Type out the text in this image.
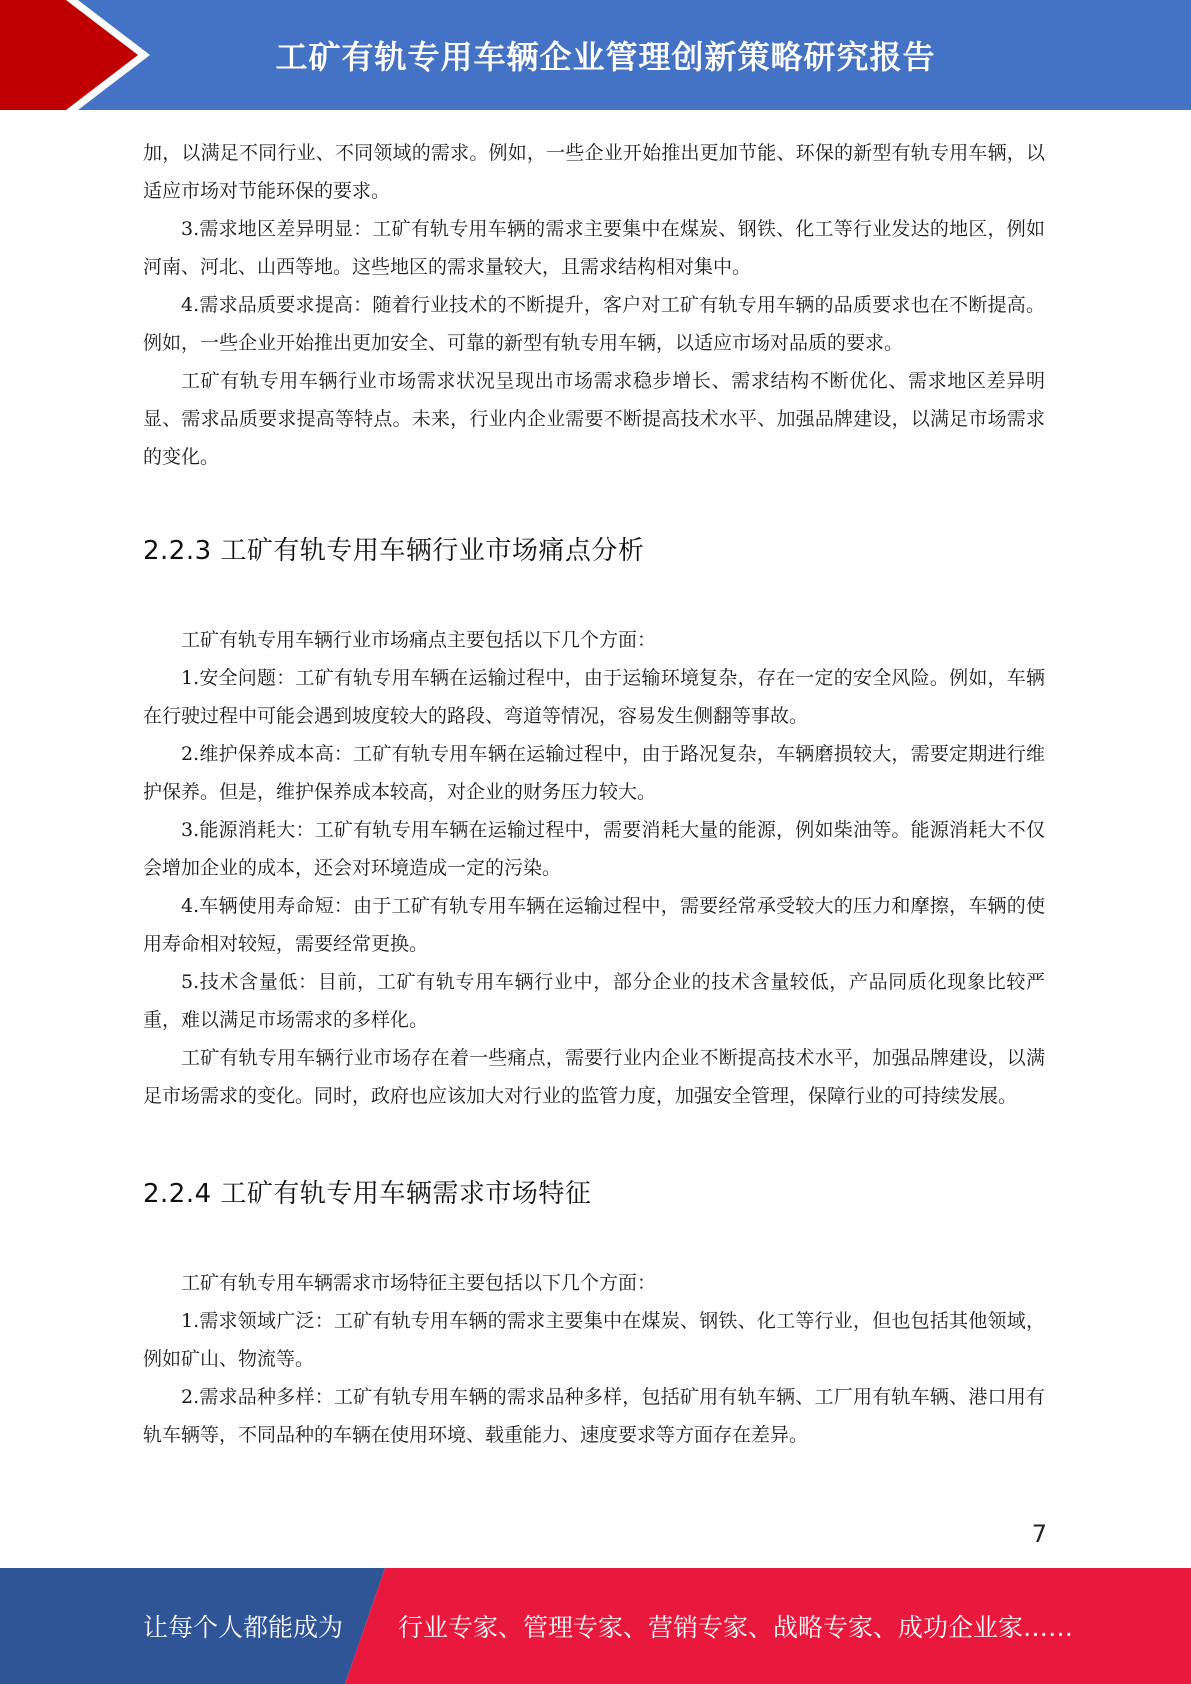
工矿有轨专用车辆企业管理创新策略研究报告

加，以满足不同行业、不同领域的需求。例如，一些企业开始推出更加节能、环保的新型有轨专用车辆，以适应市场对节能环保的要求。

3.需求地区差异明显：工矿有轨专用车辆的需求主要集中在煤炭、钢铁、化工等行业发达的地区，例如河南、河北、山西等地。这些地区的需求量较大，且需求结构相对集中。

4.需求品质要求提高：随着行业技术的不断提升，客户对工矿有轨专用车辆的品质要求也在不断提高。例如，一些企业开始推出更加安全、可靠的新型有轨专用车辆，以适应市场对品质的要求。

工矿有轨专用车辆行业市场需求状况呈现出市场需求稳步增长、需求结构不断优化、需求地区差异明显、需求品质要求提高等特点。未来，行业内企业需要不断提高技术水平、加强品牌建设，以满足市场需求的变化。

2.2.3 工矿有轨专用车辆行业市场痛点分析

工矿有轨专用车辆行业市场痛点主要包括以下几个方面：

1.安全问题：工矿有轨专用车辆在运输过程中，由于运输环境复杂，存在一定的安全风险。例如，车辆在行驶过程中可能会遇到坡度较大的路段、弯道等情况，容易发生侧翻等事故。

2.维护保养成本高：工矿有轨专用车辆在运输过程中，由于路况复杂，车辆磨损较大，需要定期进行维护保养。但是，维护保养成本较高，对企业的财务压力较大。

3.能源消耗大：工矿有轨专用车辆在运输过程中，需要消耗大量的能源，例如柴油等。能源消耗大不仅会增加企业的成本，还会对环境造成一定的污染。

4.车辆使用寿命短：由于工矿有轨专用车辆在运输过程中，需要经常承受较大的压力和摩擦，车辆的使用寿命相对较短，需要经常更换。

5.技术含量低：目前，工矿有轨专用车辆行业中，部分企业的技术含量较低，产品同质化现象比较严重，难以满足市场需求的多样化。

工矿有轨专用车辆行业市场存在着一些痛点，需要行业内企业不断提高技术水平，加强品牌建设，以满足市场需求的变化。同时，政府也应该加大对行业的监管力度，加强安全管理，保障行业的可持续发展。

2.2.4 工矿有轨专用车辆需求市场特征

工矿有轨专用车辆需求市场特征主要包括以下几个方面：

1.需求领域广泛：工矿有轨专用车辆的需求主要集中在煤炭、钢铁、化工等行业，但也包括其他领域，例如矿山、物流等。

2.需求品种多样：工矿有轨专用车辆的需求品种多样，包括矿用有轨车辆、工厂用有轨车辆、港口用有轨车辆等，不同品种的车辆在使用环境、载重能力、速度要求等方面存在差异。

7
让每个人都能成为 行业专家、管理专家、营销专家、战略专家、成功企业家……
